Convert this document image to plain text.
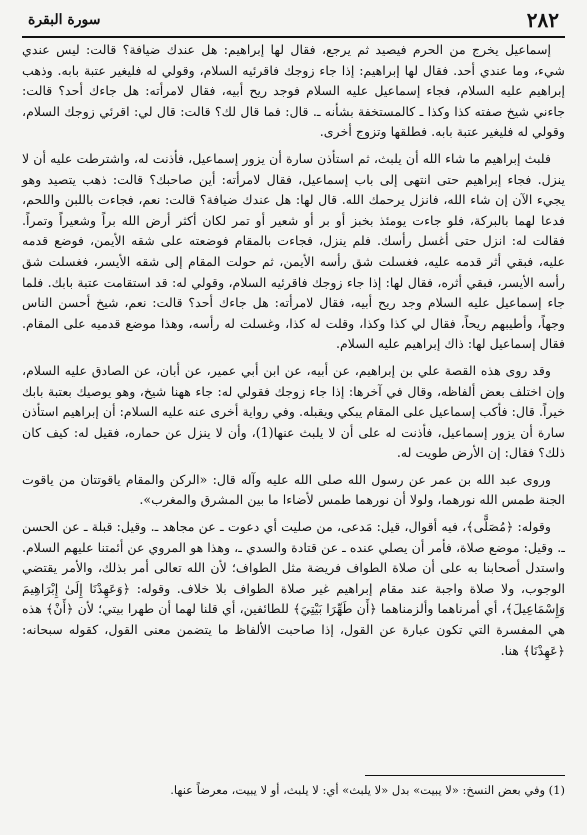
٢٨٢
سورة البقرة

إسماعيل يخرج من الحرم فيصيد ثم يرجع، فقال لها إبراهيم: هل عندك ضيافة؟ قالت: ليس عندي شيء، وما عندي أحد. فقال لها إبراهيم: إذا جاء زوجك فاقرئيه السلام، وقولي له فليغير عتبة بابه. وذهب إبراهيم عليه السلام، فجاء إسماعيل عليه السلام فوجد ريح أبيه، فقال لامرأته: هل جاءك أحد؟ قالت: جاءني شيخ صفته كذا وكذا ـ كالمستخفة بشأنه ـ. قال: فما قال لك؟ قالت: قال لي: اقرئي زوجك السلام، وقولي له فليغير عتبة بابه. فطلقها وتزوج أخرى.

فلبث إبراهيم ما شاء الله أن يلبث، ثم استأذن سارة أن يزور إسماعيل، فأذنت له، واشترطت عليه أن لا ينزل. فجاء إبراهيم حتى انتهى إلى باب إسماعيل، فقال لامرأته: أين صاحبك؟ قالت: ذهب يتصيد وهو يجيء الآن إن شاء الله، فانزل يرحمك الله. قال لها: هل عندك ضيافة؟ قالت: نعم، فجاءت باللبن واللحم، فدعا لهما بالبركة، فلو جاءت يومئذ بخبز أو بر أو شعير أو تمر لكان أكثر أرض الله براً وشعيراً وتمراً. فقالت له: انزل حتى أغسل رأسك. فلم ينزل، فجاءت بالمقام فوضعته على شقه الأيمن، فوضع قدمه عليه، فبقي أثر قدمه عليه، فغسلت شق رأسه الأيمن، ثم حولت المقام إلى شقه الأيسر، فغسلت شق رأسه الأيسر، فبقي أثره، فقال لها: إذا جاء زوجك فاقرئيه السلام، وقولي له: قد استقامت عتبة بابك. فلما جاء إسماعيل عليه السلام وجد ريح أبيه، فقال لامرأته: هل جاءك أحد؟ قالت: نعم، شيخ أحسن الناس وجهاً، وأطيبهم ريحاً، فقال لي كذا وكذا، وقلت له كذا، وغسلت له رأسه، وهذا موضع قدميه على المقام. فقال إسماعيل لها: ذاك إبراهيم عليه السلام.

وقد روى هذه القصة علي بن إبراهيم، عن أبيه، عن ابن أبي عمير، عن أبان، عن الصادق عليه السلام، وإن اختلف بعض ألفاظه، وقال في آخرها: إذا جاء زوجك فقولي له: جاء ههنا شيخ، وهو يوصيك بعتبة بابك خيراً. قال: فأكب إسماعيل على المقام يبكي ويقبله. وفي رواية أخرى عنه عليه السلام: أن إبراهيم استأذن سارة أن يزور إسماعيل، فأذنت له على أن لا يلبث عنها(1)، وأن لا ينزل عن حماره، فقيل له: كيف كان ذلك؟ فقال: إن الأرض طويت له.

وروى عبد الله بن عمر عن رسول الله صلى الله عليه وآله قال: «الركن والمقام ياقوتتان من ياقوت الجنة طمس الله نورهما، ولولا أن نورهما طمس لأضاءا ما بين المشرق والمغرب».

وقوله: ﴿مُصَلًّى﴾، فيه أقوال، قيل: مَدعى، من صليت أي دعوت ـ عن مجاهد ـ. وقيل: قبلة ـ عن الحسن ـ. وقيل: موضع صلاة، فأمر أن يصلي عنده ـ عن قتادة والسدي ـ، وهذا هو المروي عن أئمتنا عليهم السلام. واستدل أصحابنا به على أن صلاة الطواف فريضة مثل الطواف؛ لأن الله تعالى أمر بذلك، والأمر يقتضي الوجوب، ولا صلاة واجبة عند مقام إبراهيم غير صلاة الطواف بلا خلاف. وقوله: ﴿وَعَهِدْنَا إِلَىٰ إِبْرَاهِيمَ وَإِسْمَاعِيلَ﴾، أي أمرناهما وألزمناهما ﴿أَن طَهِّرَا بَيْتِيَ﴾ للطائفين، أي قلنا لهما أن طهرا بيتي؛ لأن ﴿أَنْ﴾ هذه هي المفسرة التي تكون عبارة عن القول، إذا صاحبت الألفاظ ما يتضمن معنى القول، كقوله سبحانه: ﴿عَهِدْنَا﴾ هنا.

(1) وفي بعض النسخ: «لا يبيت» بدل «لا يلبث» أي: لا يلبث، أو لا يبيت، معرضاً عنها.
